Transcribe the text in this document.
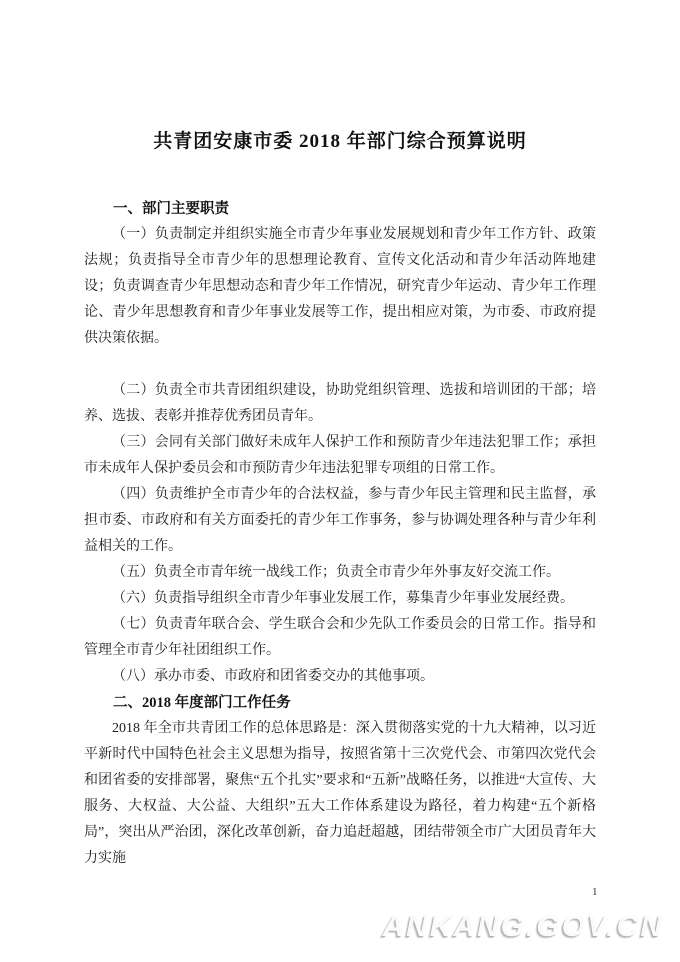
共青团安康市委 2018 年部门综合预算说明
一、部门主要职责

（一）负责制定并组织实施全市青少年事业发展规划和青少年工作方针、政策法规；负责指导全市青少年的思想理论教育、宣传文化活动和青少年活动阵地建设；负责调查青少年思想动态和青少年工作情况，研究青少年运动、青少年工作理论、青少年思想教育和青少年事业发展等工作，提出相应对策，为市委、市政府提供决策依据。

（二）负责全市共青团组织建设，协助党组织管理、选拔和培训团的干部；培养、选拔、表彰并推荐优秀团员青年。

（三）会同有关部门做好未成年人保护工作和预防青少年违法犯罪工作；承担市未成年人保护委员会和市预防青少年违法犯罪专项组的日常工作。

（四）负责维护全市青少年的合法权益，参与青少年民主管理和民主监督，承担市委、市政府和有关方面委托的青少年工作事务，参与协调处理各种与青少年利益相关的工作。

（五）负责全市青年统一战线工作；负责全市青少年外事友好交流工作。

（六）负责指导组织全市青少年事业发展工作，募集青少年事业发展经费。

（七）负责青年联合会、学生联合会和少先队工作委员会的日常工作。指导和管理全市青少年社团组织工作。

（八）承办市委、市政府和团省委交办的其他事项。

二、2018 年度部门工作任务

2018 年全市共青团工作的总体思路是：深入贯彻落实党的十九大精神，以习近平新时代中国特色社会主义思想为指导，按照省第十三次党代会、市第四次党代会和团省委的安排部署，聚焦“五个扎实”要求和“五新”战略任务，以推进“大宣传、大服务、大权益、大公益、大组织”五大工作体系建设为路径，着力构建“五个新格局”，突出从严治团，深化改革创新，奋力追赶超越，团结带领全市广大团员青年大力实施

1
ANKANG.GOV.CN
